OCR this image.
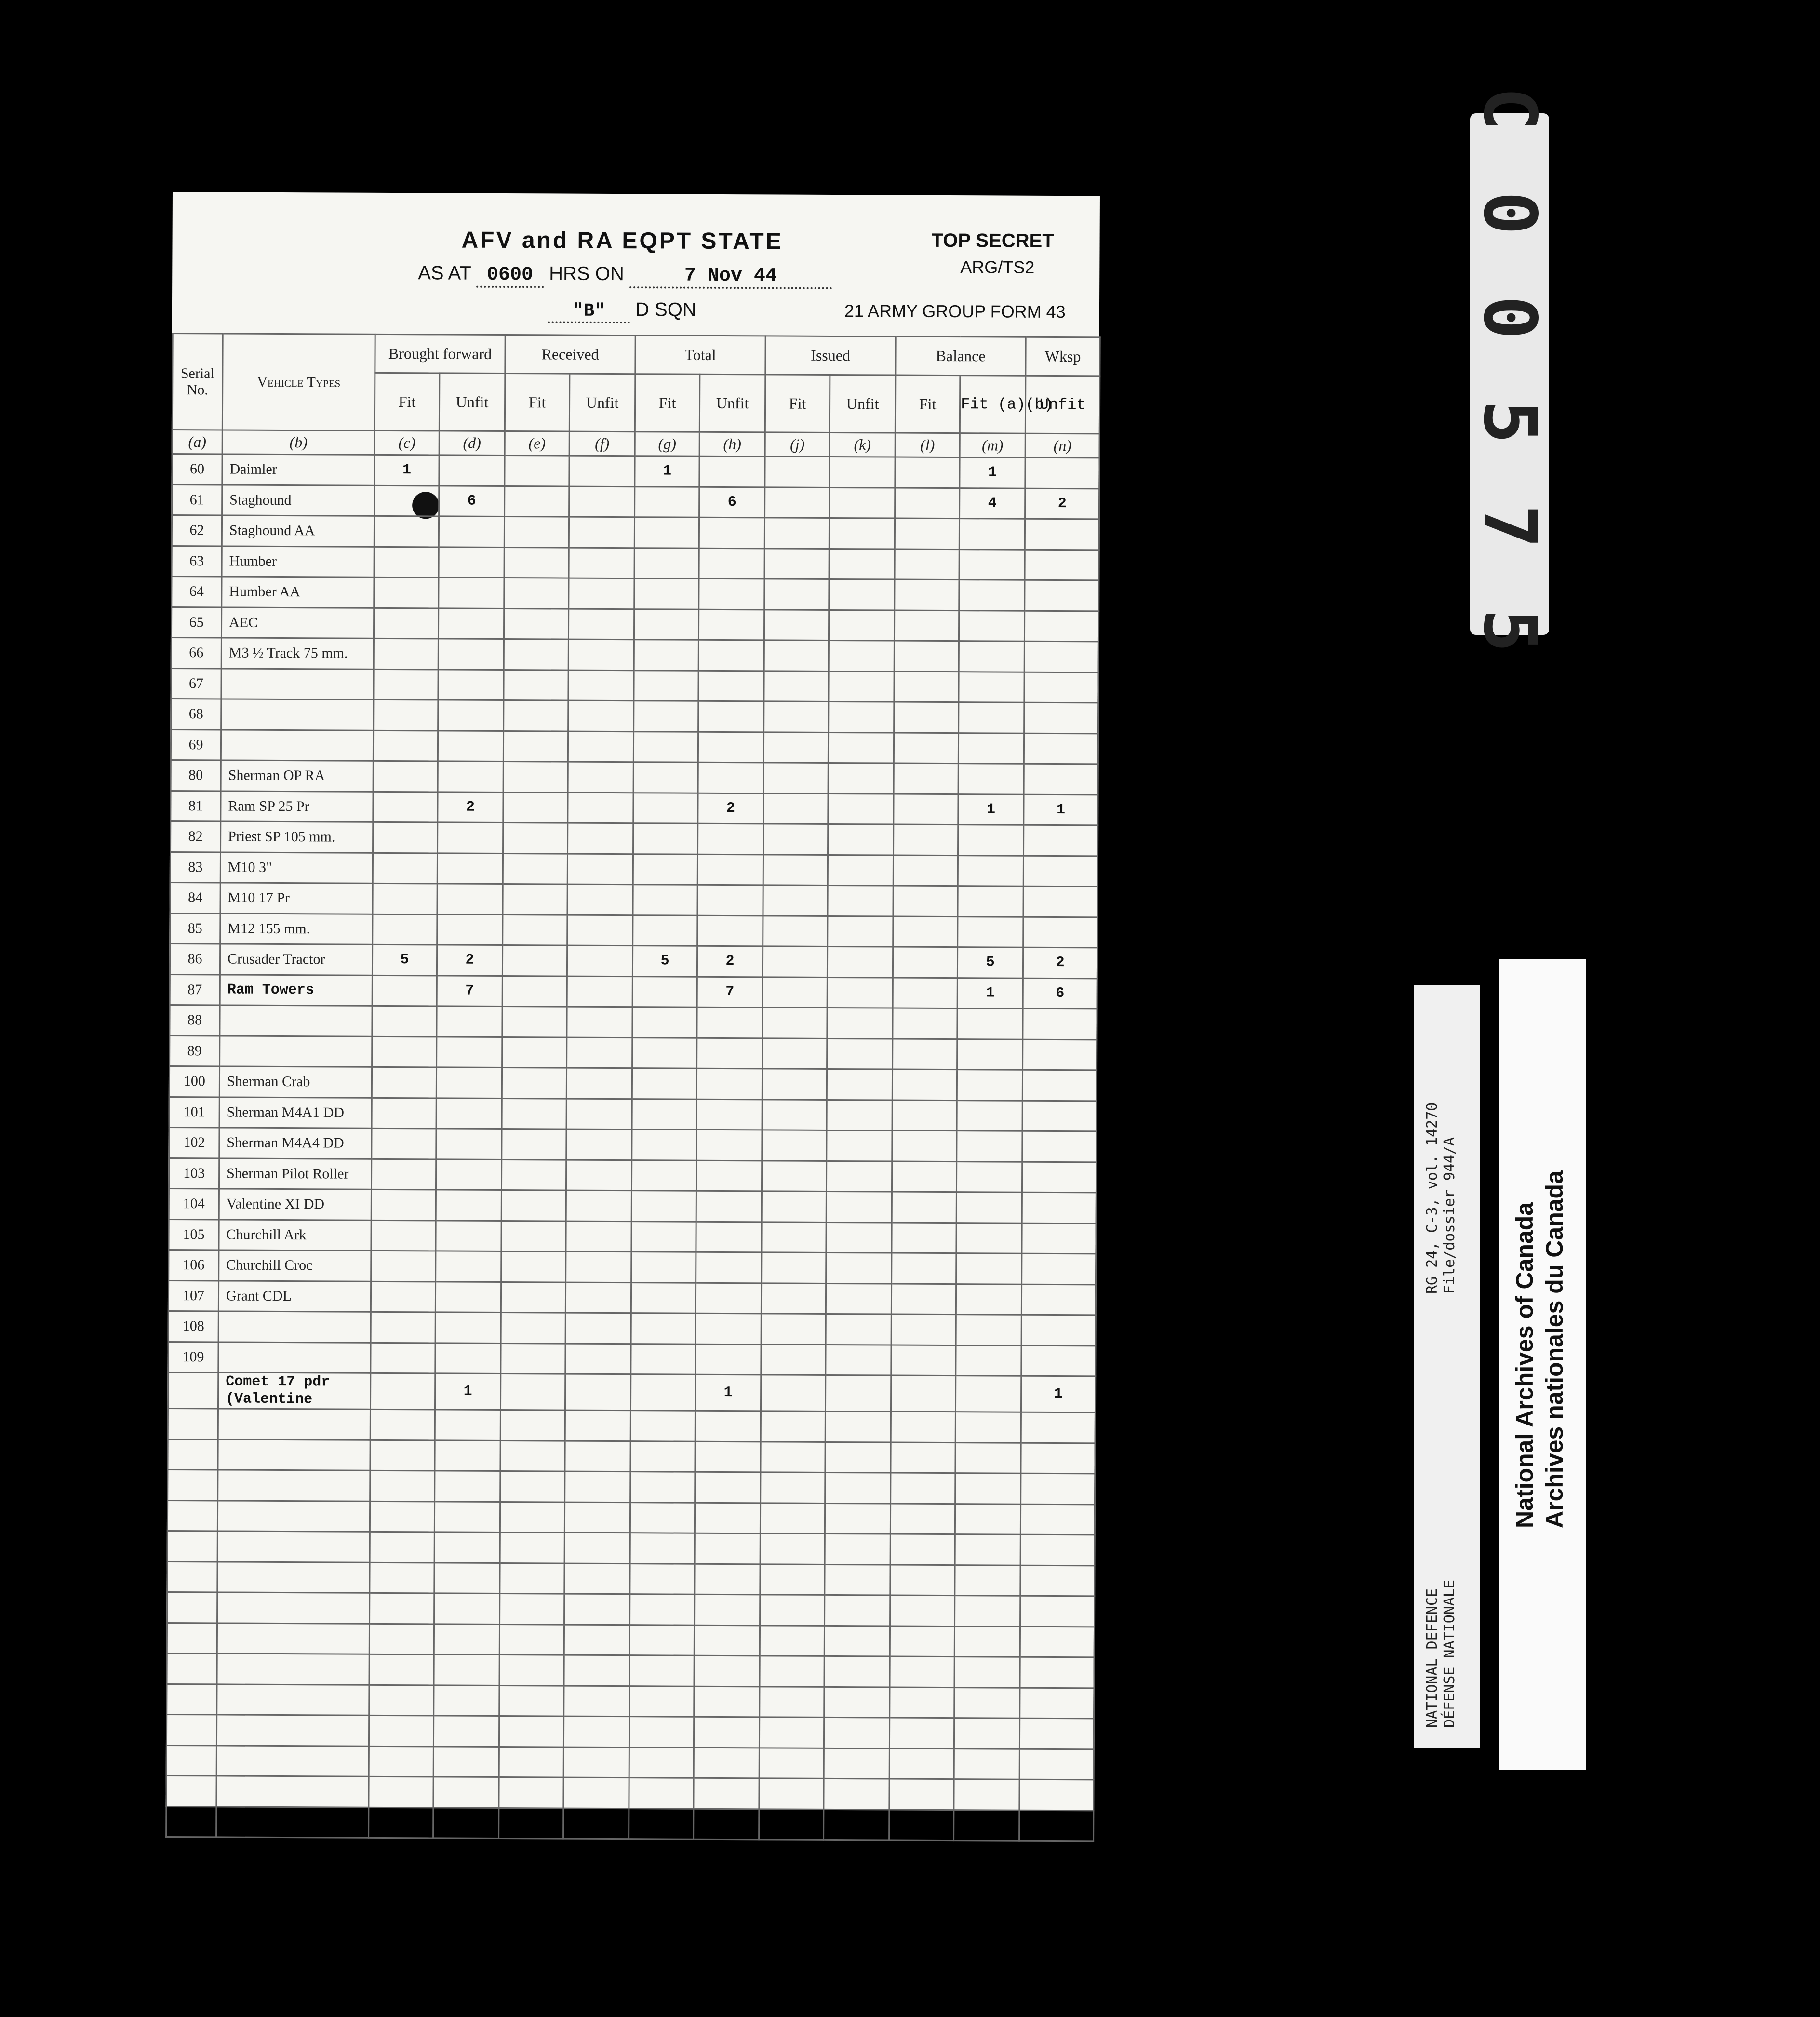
AFV and RA EQPT STATE	TOP SECRET
ARG/TS2
AS AT 0600 HRS ON	7 Nov 44
"B" D SQN	21 ARMY GROUP FORM 43
Serial No.	Vehicle Types	Brought forward		Received		Total		Issued		Balance		Wksp
		Fit	Unfit	Fit	Unfit	Fit	Unfit	Fit	Unfit	Fit	Fit (a)(b)	Unfit
(a)	(b)	(c)	(d)	(e)	(f)	(g)	(h)	(j)	(k)	(l)	(m)	(n)
60	Daimler	1				1					1	
61	Staghound		6				6				4	2
62	Staghound AA											
63	Humber											
64	Humber AA											
65	AEC											
66	M3 ½ Track 75 mm.											
67												
68												
69												
80	Sherman OP RA											
81	Ram SP 25 Pr		2				2				1	1
82	Priest SP 105 mm.											
83	M10 3"											
84	M10 17 Pr											
85	M12 155 mm.											
86	Crusader Tractor	5	2			5	2				5	2
87	Ram Towers		7				7				1	6
88												
89												
100	Sherman Crab											
101	Sherman M4A1 DD											
102	Sherman M4A4 DD											
103	Sherman Pilot Roller											
104	Valentine XI DD											
105	Churchill Ark											
106	Churchill Croc											
107	Grant CDL											
108												
109												
	Comet 17 pdr (Valentine		1				1					1

C 0 0 5 7 5
RG 24, C-3, vol. 14270 File/dossier 944/A
NATIONAL DEFENCE DÉFENSE NATIONALE
National Archives of Canada Archives nationales du Canada
